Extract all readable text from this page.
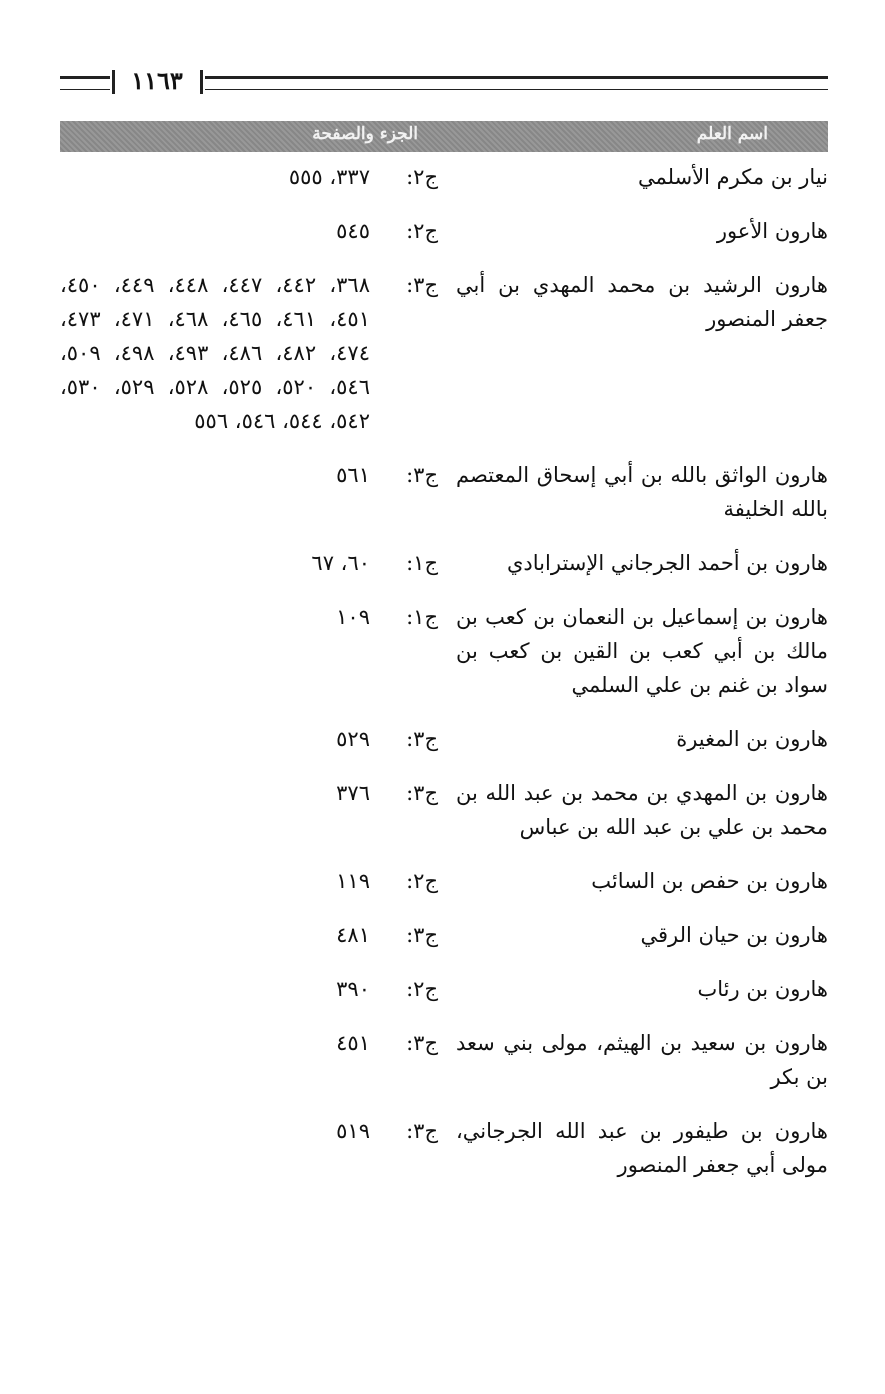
١١٦٣
اسم العلم
الجزء والصفحة
نيار بن مكرم الأسلمي
ج٢:
٣٣٧، ٥٥٥
هارون الأعور
ج٢:
٥٤٥
هارون الرشيد بن محمد المهدي بن أبي جعفر المنصور
ج٣:
٣٦٨، ٤٤٢، ٤٤٧، ٤٤٨، ٤٤٩، ٤٥٠، ٤٥١، ٤٦١، ٤٦٥، ٤٦٨، ٤٧١، ٤٧٣، ٤٧٤، ٤٨٢، ٤٨٦، ٤٩٣، ٤٩٨، ٥٠٩، ٥٤٦، ٥٢٠، ٥٢٥، ٥٢٨، ٥٢٩، ٥٣٠، ٥٤٢، ٥٤٤، ٥٤٦، ٥٥٦
هارون الواثق بالله بن أبي إسحاق المعتصم بالله الخليفة
ج٣:
٥٦١
هارون بن أحمد الجرجاني الإسترابادي
ج١:
٦٠، ٦٧
هارون بن إسماعيل بن النعمان بن كعب بن مالك بن أبي كعب بن القين بن كعب بن سواد بن غنم بن علي السلمي
ج١:
١٠٩
هارون بن المغيرة
ج٣:
٥٢٩
هارون بن المهدي بن محمد بن عبد الله بن محمد بن علي بن عبد الله بن عباس
ج٣:
٣٧٦
هارون بن حفص بن السائب
ج٢:
١١٩
هارون بن حيان الرقي
ج٣:
٤٨١
هارون بن رئاب
ج٢:
٣٩٠
هارون بن سعيد بن الهيثم، مولى بني سعد بن بكر
ج٣:
٤٥١
هارون بن طيفور بن عبد الله الجرجاني، مولى أبي جعفر المنصور
ج٣:
٥١٩
